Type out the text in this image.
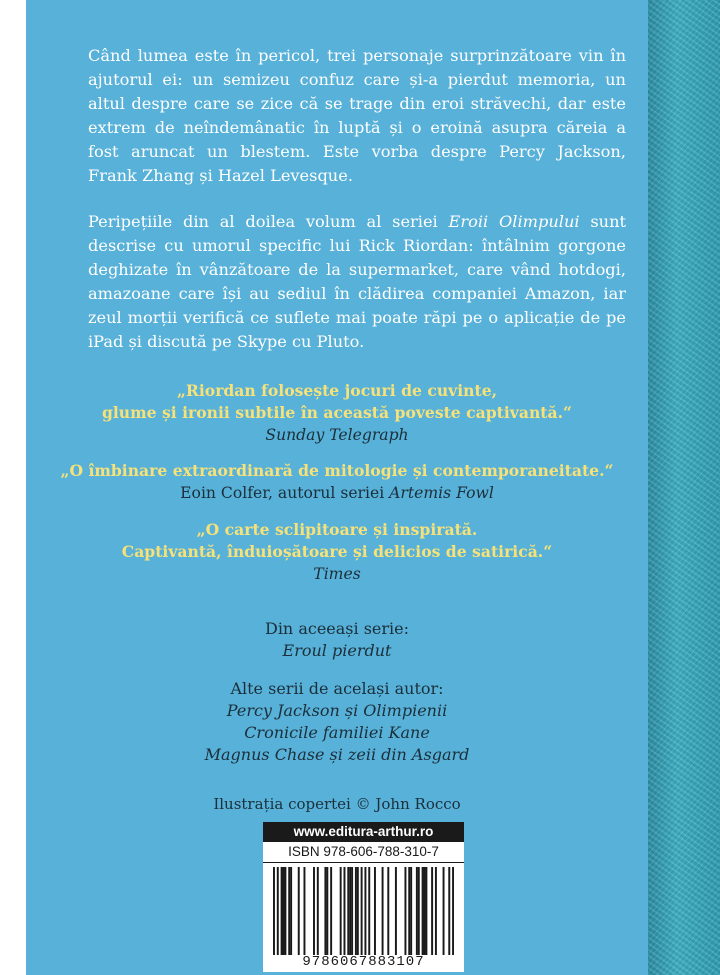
Când lumea este în pericol, trei personaje surprinzătoare vin în
ajutorul ei: un semizeu confuz care și-a pierdut memoria, un
altul despre care se zice că se trage din eroi străvechi, dar este
extrem de neîndemânatic în luptă și o eroină asupra căreia a
fost aruncat un blestem. Este vorba despre Percy Jackson,
Frank Zhang și Hazel Levesque.

Peripețiile din al doilea volum al seriei Eroii Olimpului sunt
descrise cu umorul specific lui Rick Riordan: întâlnim gorgone
deghizate în vânzătoare de la supermarket, care vând hotdogi,
amazoane care își au sediul în clădirea companiei Amazon, iar
zeul morții verifică ce suflete mai poate răpi pe o aplicație de pe
iPad și discută pe Skype cu Pluto.

„Riordan folosește jocuri de cuvinte,
glume și ironii subtile în această poveste captivantă.“
Sunday Telegraph
„O îmbinare extraordinară de mitologie și contemporaneitate.“
Eoin Colfer, autorul seriei Artemis Fowl
„O carte sclipitoare și inspirată.
Captivantă, înduioșătoare și delicios de satirică.“
Times
Din aceeași serie:
Eroul pierdut
Alte serii de același autor:
Percy Jackson și Olimpienii
Cronicile familiei Kane
Magnus Chase și zeii din Asgard
Ilustrația copertei © John Rocco
www.editura-arthur.ro
ISBN 978-606-788-310-7
9786067883107
